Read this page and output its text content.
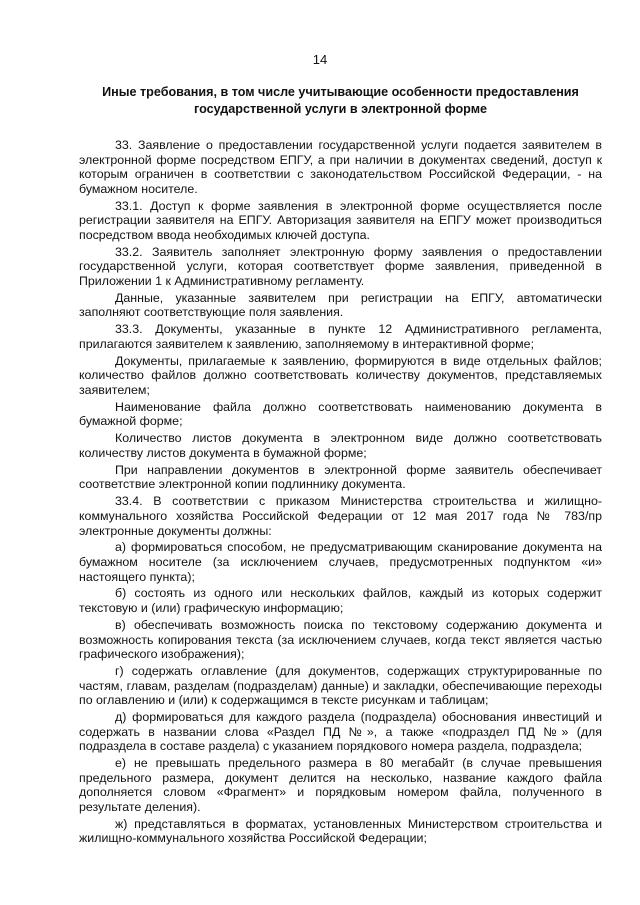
14
Иные требования, в том числе учитывающие особенности предоставления государственной услуги в электронной форме

33. Заявление о предоставлении государственной услуги подается заявителем в электронной форме посредством ЕПГУ, а при наличии в документах сведений, доступ к которым ограничен в соответствии с законодательством Российской Федерации, - на бумажном носителе.

33.1. Доступ к форме заявления в электронной форме осуществляется после регистрации заявителя на ЕПГУ. Авторизация заявителя на ЕПГУ может производиться посредством ввода необходимых ключей доступа.

33.2. Заявитель заполняет электронную форму заявления о предоставлении государственной услуги, которая соответствует форме заявления, приведенной в Приложении 1 к Административному регламенту.

Данные, указанные заявителем при регистрации на ЕПГУ, автоматически заполняют соответствующие поля заявления.

33.3. Документы, указанные в пункте 12 Административного регламента, прилагаются заявителем к заявлению, заполняемому в интерактивной форме;

Документы, прилагаемые к заявлению, формируются в виде отдельных файлов; количество файлов должно соответствовать количеству документов, представляемых заявителем;

Наименование файла должно соответствовать наименованию документа в бумажной форме;

Количество листов документа в электронном виде должно соответствовать количеству листов документа в бумажной форме;

При направлении документов в электронной форме заявитель обеспечивает соответствие электронной копии подлиннику документа.

33.4. В соответствии с приказом Министерства строительства и жилищно-коммунального хозяйства Российской Федерации от 12 мая 2017 года № 783/пр электронные документы должны:

а) формироваться способом, не предусматривающим сканирование документа на бумажном носителе (за исключением случаев, предусмотренных подпунктом «и» настоящего пункта);

б) состоять из одного или нескольких файлов, каждый из которых содержит текстовую и (или) графическую информацию;

в) обеспечивать возможность поиска по текстовому содержанию документа и возможность копирования текста (за исключением случаев, когда текст является частью графического изображения);

г) содержать оглавление (для документов, содержащих структурированные по частям, главам, разделам (подразделам) данные) и закладки, обеспечивающие переходы по оглавлению и (или) к содержащимся в тексте рисункам и таблицам;

д) формироваться для каждого раздела (подраздела) обоснования инвестиций и содержать в названии слова «Раздел ПД №», а также «подраздел ПД №» (для подраздела в составе раздела) с указанием порядкового номера раздела, подраздела;

е) не превышать предельного размера в 80 мегабайт (в случае превышения предельного размера, документ делится на несколько, название каждого файла дополняется словом «Фрагмент» и порядковым номером файла, полученного в результате деления).

ж) представляться в форматах, установленных Министерством строительства и жилищно-коммунального хозяйства Российской Федерации;
